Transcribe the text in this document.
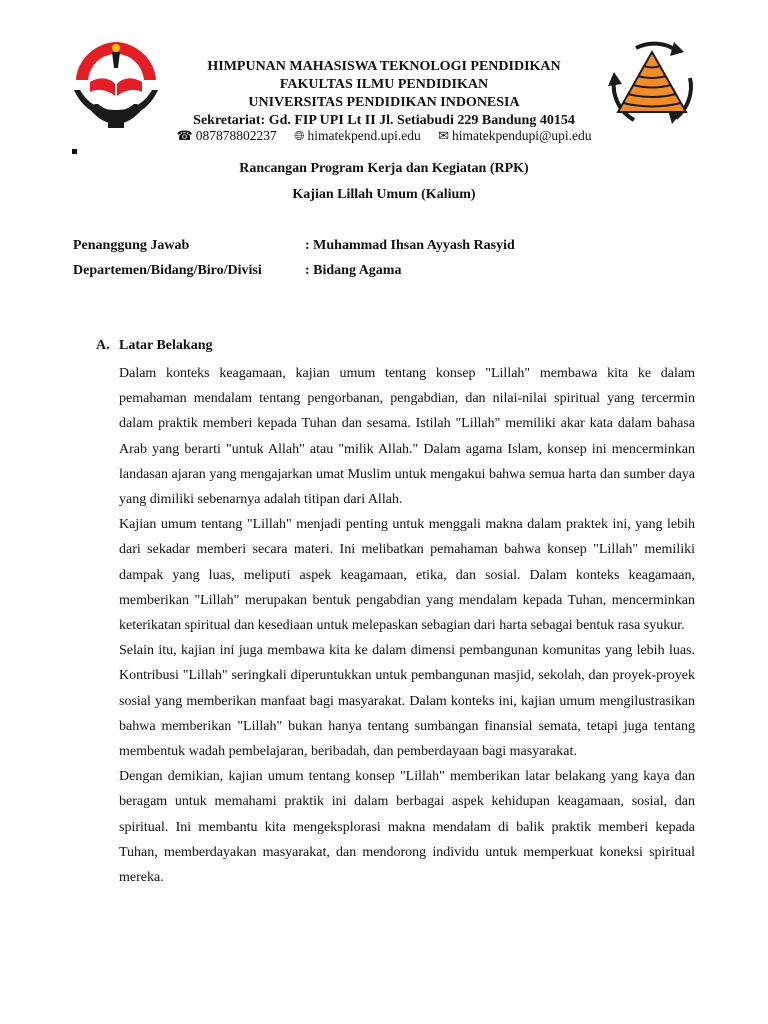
HIMPUNAN MAHASISWA TEKNOLOGI PENDIDIKAN
FAKULTAS ILMU PENDIDIKAN
UNIVERSITAS PENDIDIKAN INDONESIA
Sekretariat: Gd. FIP UPI Lt II Jl. Setiabudi 229 Bandung 40154
☎ 087878802237 🌐︎ himatekpend.upi.edu ✉ himatekpendupi@upi.edu
Rancangan Program Kerja dan Kegiatan (RPK)
Kajian Lillah Umum (Kalium)
Penanggung Jawab	: Muhammad Ihsan Ayyash Rasyid
Departemen/Bidang/Biro/Divisi	: Bidang Agama
A. Latar Belakang

Dalam konteks keagamaan, kajian umum tentang konsep "Lillah" membawa kita ke dalam pemahaman mendalam tentang pengorbanan, pengabdian, dan nilai-nilai spiritual yang tercermin dalam praktik memberi kepada Tuhan dan sesama. Istilah "Lillah" memiliki akar kata dalam bahasa Arab yang berarti "untuk Allah" atau "milik Allah." Dalam agama Islam, konsep ini mencerminkan landasan ajaran yang mengajarkan umat Muslim untuk mengakui bahwa semua harta dan sumber daya yang dimiliki sebenarnya adalah titipan dari Allah.

Kajian umum tentang "Lillah" menjadi penting untuk menggali makna dalam praktek ini, yang lebih dari sekadar memberi secara materi. Ini melibatkan pemahaman bahwa konsep "Lillah" memiliki dampak yang luas, meliputi aspek keagamaan, etika, dan sosial. Dalam konteks keagamaan, memberikan "Lillah" merupakan bentuk pengabdian yang mendalam kepada Tuhan, mencerminkan keterikatan spiritual dan kesediaan untuk melepaskan sebagian dari harta sebagai bentuk rasa syukur.

Selain itu, kajian ini juga membawa kita ke dalam dimensi pembangunan komunitas yang lebih luas. Kontribusi "Lillah" seringkali diperuntukkan untuk pembangunan masjid, sekolah, dan proyek-proyek sosial yang memberikan manfaat bagi masyarakat. Dalam konteks ini, kajian umum mengilustrasikan bahwa memberikan "Lillah" bukan hanya tentang sumbangan finansial semata, tetapi juga tentang membentuk wadah pembelajaran, beribadah, dan pemberdayaan bagi masyarakat.

Dengan demikian, kajian umum tentang konsep "Lillah" memberikan latar belakang yang kaya dan beragam untuk memahami praktik ini dalam berbagai aspek kehidupan keagamaan, sosial, dan spiritual. Ini membantu kita mengeksplorasi makna mendalam di balik praktik memberi kepada Tuhan, memberdayakan masyarakat, dan mendorong individu untuk memperkuat koneksi spiritual mereka.
